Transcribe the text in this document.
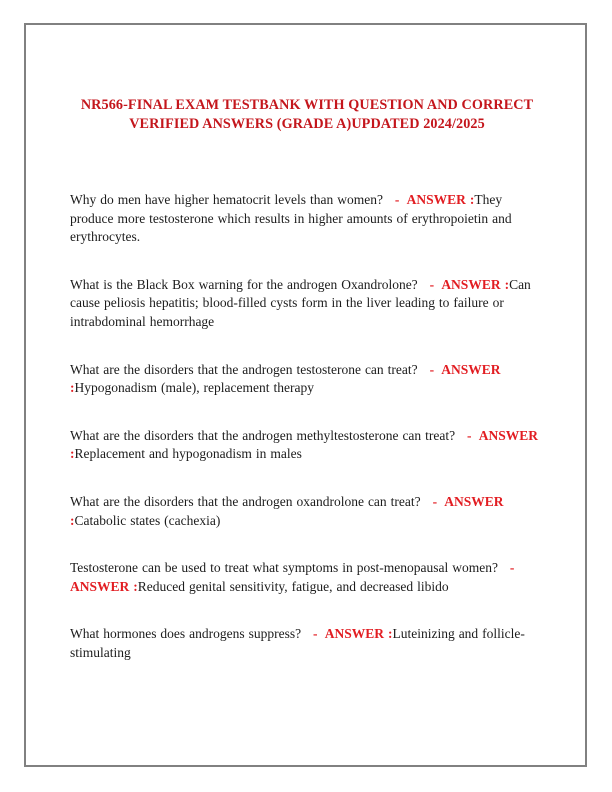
NR566-FINAL EXAM TESTBANK WITH QUESTION AND CORRECT VERIFIED ANSWERS (GRADE A)UPDATED 2024/2025

Why do men have higher hematocrit levels than women?   -  ANSWER :They produce more testosterone which results in higher amounts of erythropoietin and erythrocytes.

What is the Black Box warning for the androgen Oxandrolone?   -  ANSWER :Can cause peliosis hepatitis; blood-filled cysts form in the liver leading to failure or intrabdominal hemorrhage

What are the disorders that the androgen testosterone can treat?   -  ANSWER :Hypogonadism (male), replacement therapy

What are the disorders that the androgen methyltestosterone can treat?   -  ANSWER :Replacement and hypogonadism in males

What are the disorders that the androgen oxandrolone can treat?   -  ANSWER :Catabolic states (cachexia)

Testosterone can be used to treat what symptoms in post-menopausal women?   -  ANSWER :Reduced genital sensitivity, fatigue, and decreased libido

What hormones does androgens suppress?   -  ANSWER :Luteinizing and follicle-stimulating
